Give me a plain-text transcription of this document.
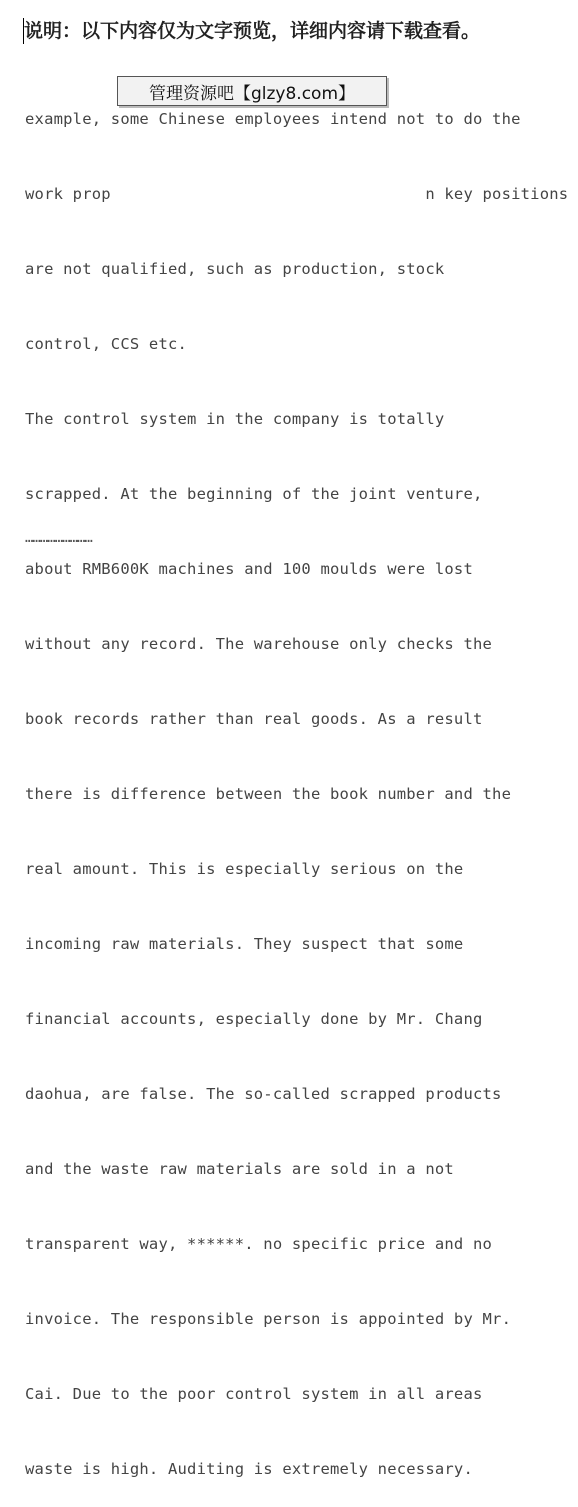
说明：以下内容仅为文字预览，详细内容请下载查看。

example, some Chinese employees intend not to do the

work prop                                 n key positions

are not qualified, such as production, stock

control, CCS etc.

The control system in the company is totally

scrapped. At the beginning of the joint venture,

about RMB600K machines and 100 moulds were lost

without any record. The warehouse only checks the

book records rather than real goods. As a result

there is difference between the book number and the

real amount. This is especially serious on the

incoming raw materials. They suspect that some

financial accounts, especially done by Mr. Chang

daohua, are false. The so-called scrapped products

and the waste raw materials are sold in a not

transparent way, ******. no specific price and no

invoice. The responsible person is appointed by Mr.

Cai. Due to the poor control system in all areas

waste is high. Auditing is extremely necessary.

………………………
管理资源吧【glzy8.com】
